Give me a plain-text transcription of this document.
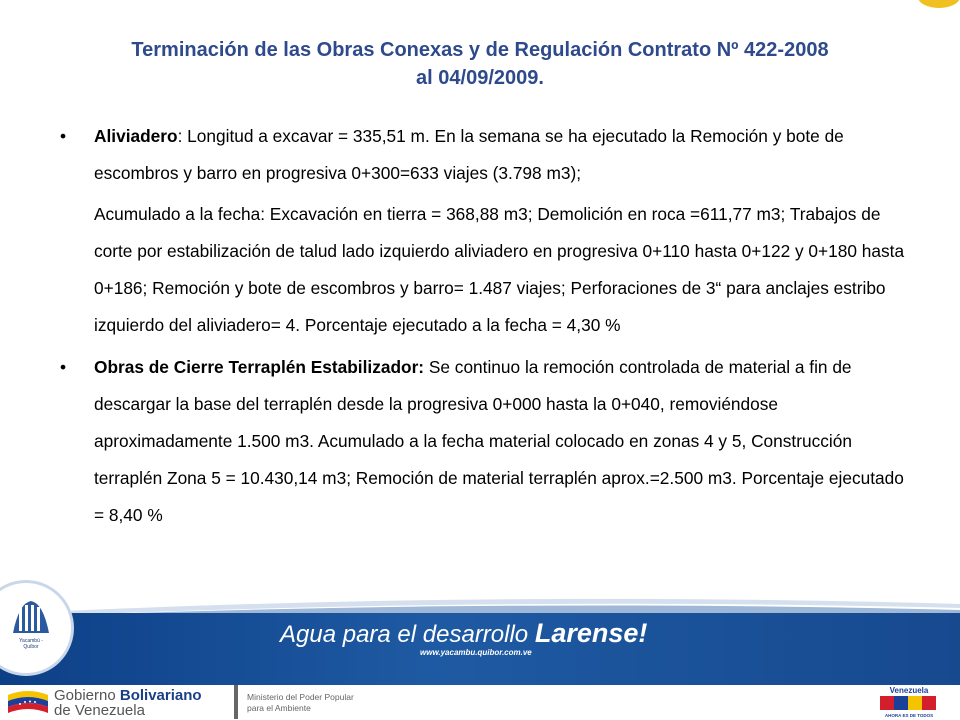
Terminación de las Obras Conexas y de Regulación Contrato Nº 422-2008
al 04/09/2009.
• Aliviadero: Longitud a excavar = 335,51 m. En la semana se ha ejecutado la Remoción y bote de escombros y barro en progresiva 0+300=633 viajes (3.798 m3);
Acumulado a la fecha: Excavación en tierra = 368,88 m3; Demolición en roca =611,77 m3; Trabajos de corte por estabilización de talud lado izquierdo aliviadero en progresiva 0+110 hasta 0+122 y 0+180 hasta 0+186; Remoción y bote de escombros y barro= 1.487 viajes; Perforaciones de 3“ para anclajes estribo izquierdo del aliviadero= 4. Porcentaje ejecutado a la fecha = 4,30 %
• Obras de Cierre Terraplén Estabilizador: Se continuo la remoción controlada de material a fin de descargar la base del terraplén desde la progresiva 0+000 hasta la 0+040, removiéndose aproximadamente 1.500 m3. Acumulado a la fecha material colocado en zonas 4 y 5, Construcción terraplén Zona 5 = 10.430,14 m3; Remoción de material terraplén aprox.=2.500 m3. Porcentaje ejecutado = 8,40 %
Yacambú - Quíbor	Agua para el desarrollo Larense!
www.yacambu.quibor.com.ve
Gobierno Bolivariano
de Venezuela
Ministerio del Poder Popular
para el Ambiente
Venezuela
AHORA ES DE TODOS
